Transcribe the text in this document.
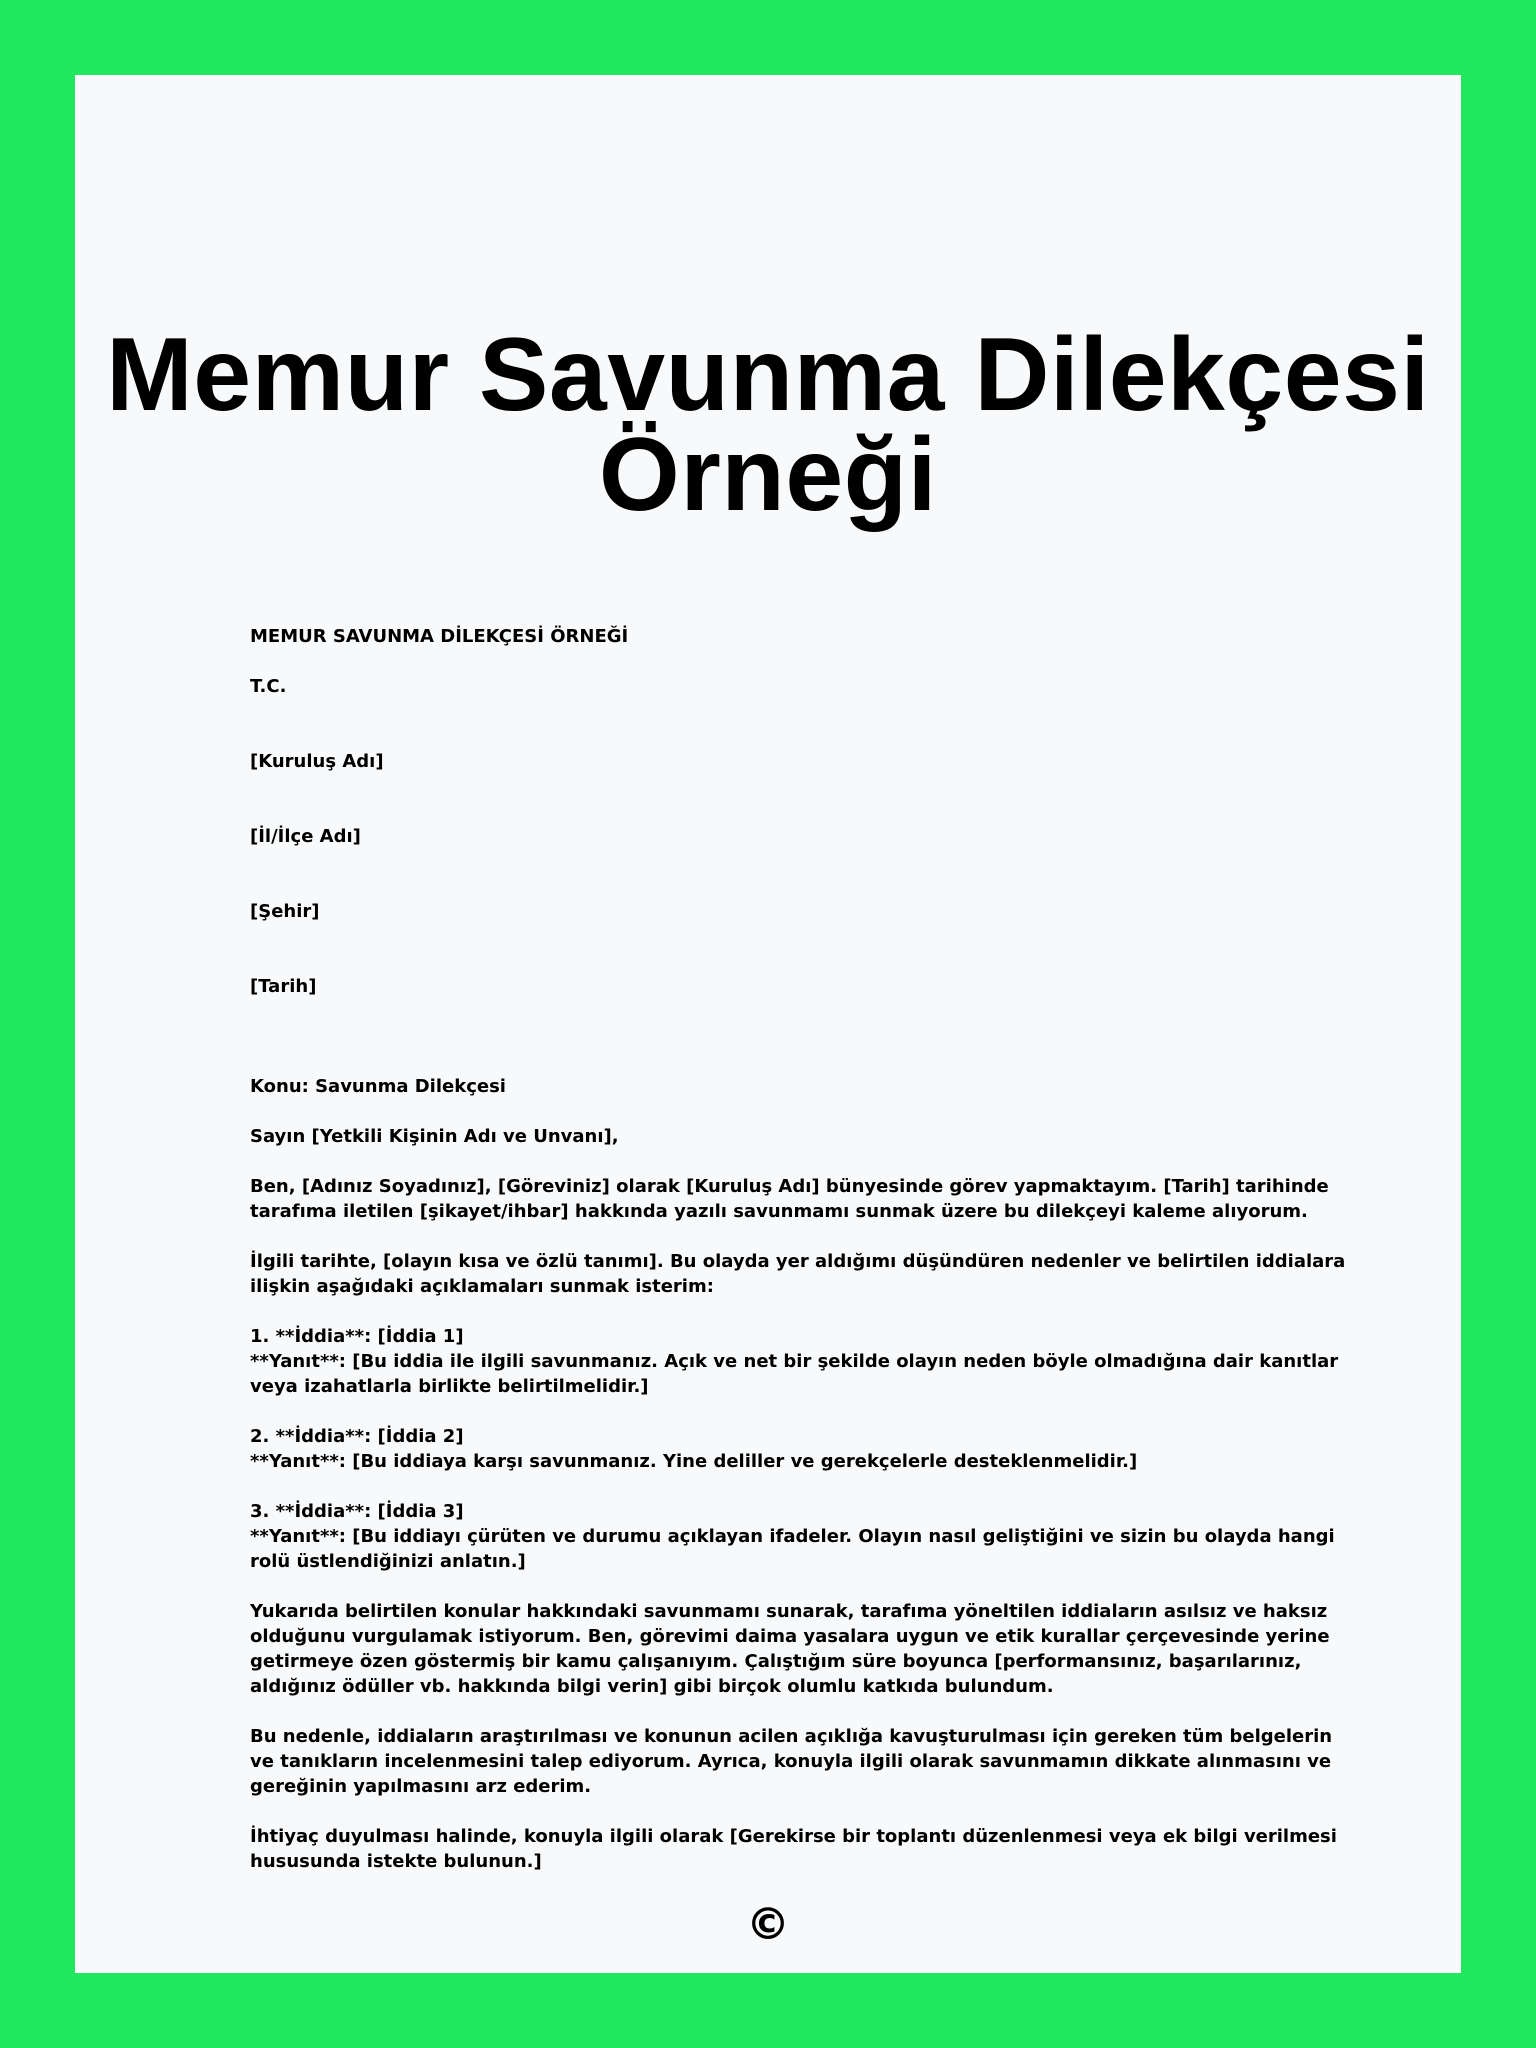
Memur Savunma Dilekçesi Örneği

MEMUR SAVUNMA DİLEKÇESİ ÖRNEĞİ

T.C.

[Kuruluş Adı]

[İl/İlçe Adı]

[Şehir]

[Tarih]

Konu: Savunma Dilekçesi

Sayın [Yetkili Kişinin Adı ve Unvanı],

Ben, [Adınız Soyadınız], [Göreviniz] olarak [Kuruluş Adı] bünyesinde görev yapmaktayım. [Tarih] tarihinde
tarafıma iletilen [şikayet/ihbar] hakkında yazılı savunmamı sunmak üzere bu dilekçeyi kaleme alıyorum.

İlgili tarihte, [olayın kısa ve özlü tanımı]. Bu olayda yer aldığımı düşündüren nedenler ve belirtilen iddialara
ilişkin aşağıdaki açıklamaları sunmak isterim:

1. **İddia**: [İddia 1]

**Yanıt**: [Bu iddia ile ilgili savunmanız. Açık ve net bir şekilde olayın neden böyle olmadığına dair kanıtlar
veya izahatlarla birlikte belirtilmelidir.]

2. **İddia**: [İddia 2]

**Yanıt**: [Bu iddiaya karşı savunmanız. Yine deliller ve gerekçelerle desteklenmelidir.]

3. **İddia**: [İddia 3]

**Yanıt**: [Bu iddiayı çürüten ve durumu açıklayan ifadeler. Olayın nasıl geliştiğini ve sizin bu olayda hangi
rolü üstlendiğinizi anlatın.]

Yukarıda belirtilen konular hakkındaki savunmamı sunarak, tarafıma yöneltilen iddiaların asılsız ve haksız
olduğunu vurgulamak istiyorum. Ben, görevimi daima yasalara uygun ve etik kurallar çerçevesinde yerine
getirmeye özen göstermiş bir kamu çalışanıyım. Çalıştığım süre boyunca [performansınız, başarılarınız,
aldığınız ödüller vb. hakkında bilgi verin] gibi birçok olumlu katkıda bulundum.

Bu nedenle, iddiaların araştırılması ve konunun acilen açıklığa kavuşturulması için gereken tüm belgelerin
ve tanıkların incelenmesini talep ediyorum. Ayrıca, konuyla ilgili olarak savunmamın dikkate alınmasını ve
gereğinin yapılmasını arz ederim.

İhtiyaç duyulması halinde, konuyla ilgili olarak [Gerekirse bir toplantı düzenlenmesi veya ek bilgi verilmesi
hususunda istekte bulunun.]

©
